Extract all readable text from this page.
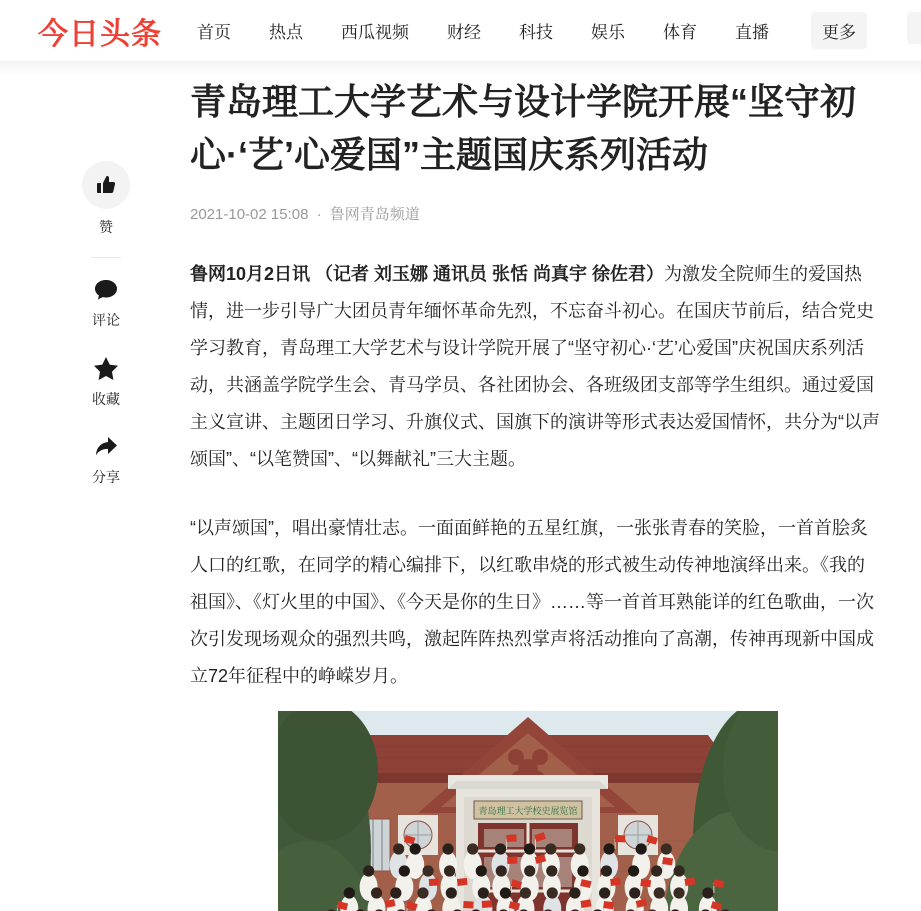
今日头条 首页 热点 西瓜视频 财经 科技 娱乐 体育 直播	更多
赞
评论
收藏
分享
青岛理工大学艺术与设计学院开展“坚守初心·‘艺’心爱国”主题国庆系列活动
2021-10-02 15:08 · 鲁网青岛频道

鲁网10月2日讯 （记者 刘玉娜 通讯员 张恬 尚真宇 徐佐君）为激发全院师生的爱国热情，进一步引导广大团员青年缅怀革命先烈，不忘奋斗初心。在国庆节前后，结合党史学习教育，青岛理工大学艺术与设计学院开展了“坚守初心·‘艺’心爱国”庆祝国庆系列活动，共涵盖学院学生会、青马学员、各社团协会、各班级团支部等学生组织。通过爱国主义宣讲、主题团日学习、升旗仪式、国旗下的演讲等形式表达爱国情怀，共分为“以声颂国”、“以笔赞国”、“以舞献礼”三大主题。

“以声颂国”，唱出豪情壮志。一面面鲜艳的五星红旗，一张张青春的笑脸，一首首脍炙人口的红歌，在同学的精心编排下，以红歌串烧的形式被生动传神地演绎出来。《我的祖国》、《灯火里的中国》、《今天是你的生日》……等一首首耳熟能详的红色歌曲，一次次引发现场观众的强烈共鸣，激起阵阵热烈掌声将活动推向了高潮，传神再现新中国成立72年征程中的峥嵘岁月。

青岛理工大学校史展览馆
